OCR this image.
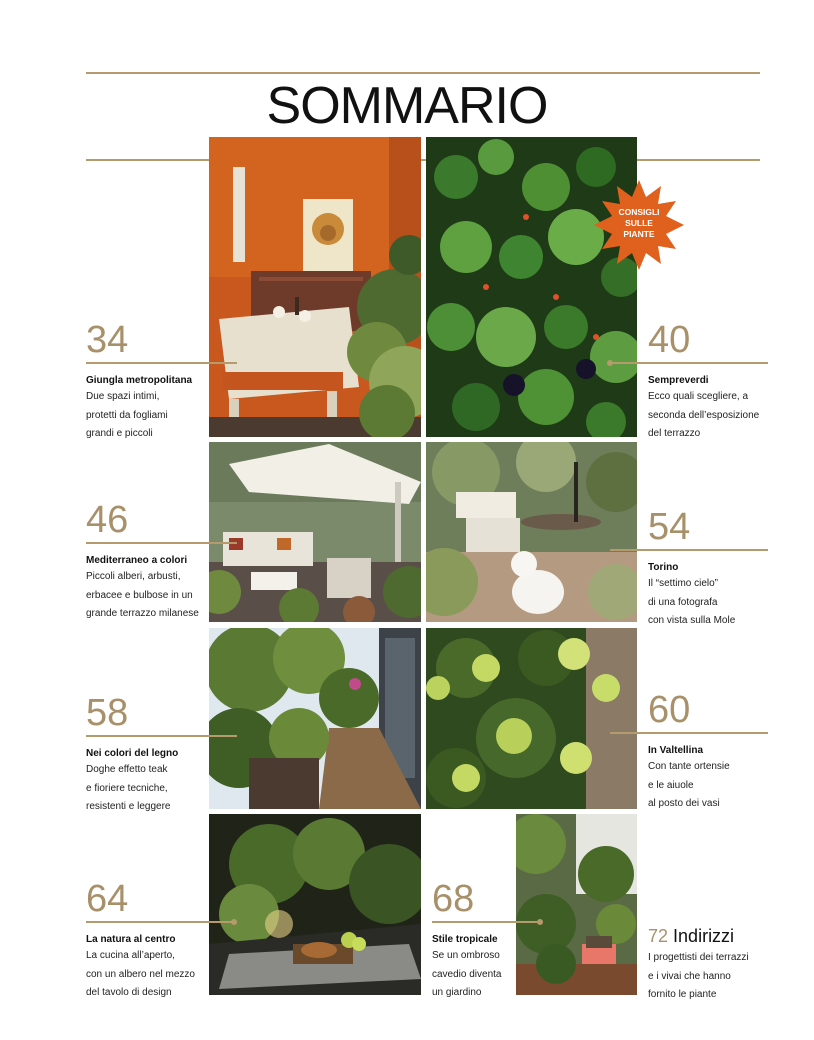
SOMMARIO
CONSIGLI
SULLE
PIANTE
34
Giungla metropolitana
Due spazi intimi,
protetti da fogliami
grandi e piccoli
40
Sempreverdi
Ecco quali scegliere, a
seconda dell’esposizione
del terrazzo
46
Mediterraneo a colori
Piccoli alberi, arbusti,
erbacee e bulbose in un
grande terrazzo milanese
54
Torino
Il “settimo cielo”
di una fotografa
con vista sulla Mole
58
Nei colori del legno
Doghe effetto teak
e fioriere tecniche,
resistenti e leggere
60
In Valtellina
Con tante ortensie
e le aiuole
al posto dei vasi
64
La natura al centro
La cucina all’aperto,
con un albero nel mezzo
del tavolo di design
68
Stile tropicale
Se un ombroso
cavedio diventa
un giardino
72 Indirizzi
I progettisti dei terrazzi
e i vivai che hanno
fornito le piante
